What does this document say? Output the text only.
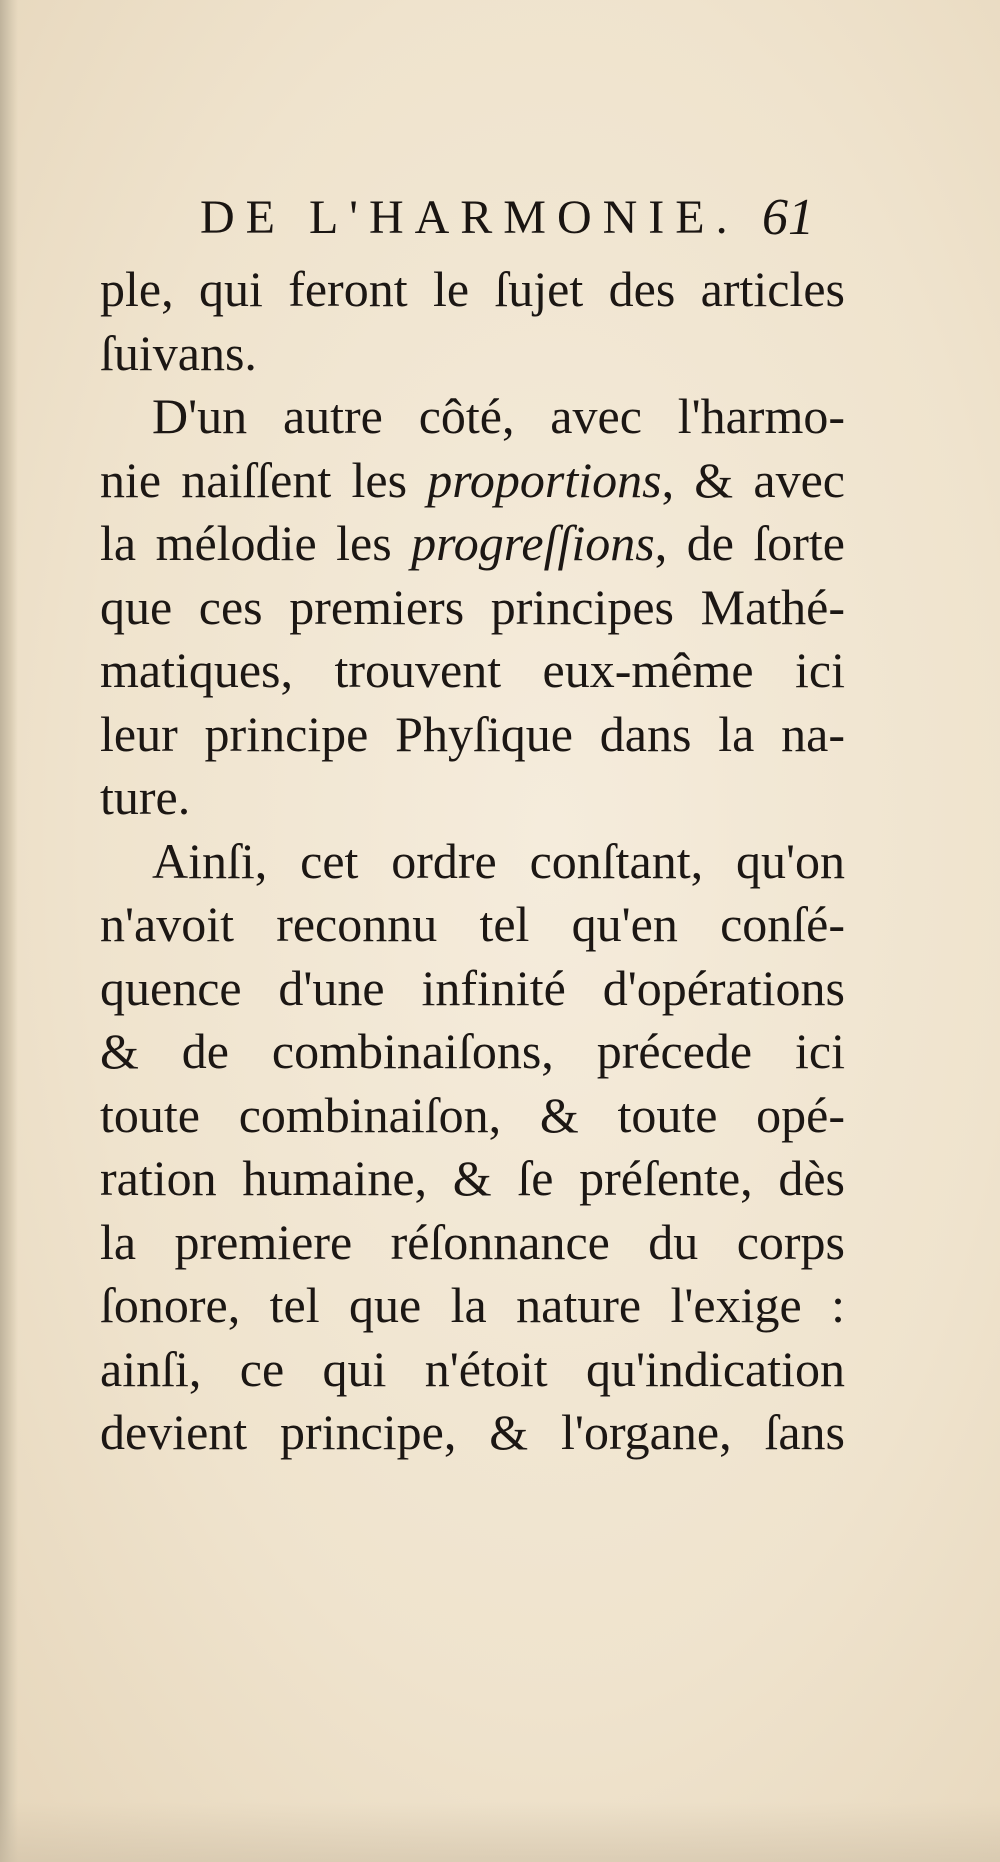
DE L'HARMONIE. 61
ple, qui feront le ſujet des articles
ſuivans.
D'un autre côté, avec l'harmo-
nie naiſſent les proportions, & avec
la mélodie les progreſſions, de ſorte
que ces premiers principes Mathé-
matiques, trouvent eux-même ici
leur principe Phyſique dans la na-
ture.
Ainſi, cet ordre conſtant, qu'on
n'avoit reconnu tel qu'en conſé-
quence d'une infinité d'opérations
& de combinaiſons, précede ici
toute combinaiſon, & toute opé-
ration humaine, & ſe préſente, dès
la premiere réſonnance du corps
ſonore, tel que la nature l'exige :
ainſi, ce qui n'étoit qu'indication
devient principe, & l'organe, ſans
